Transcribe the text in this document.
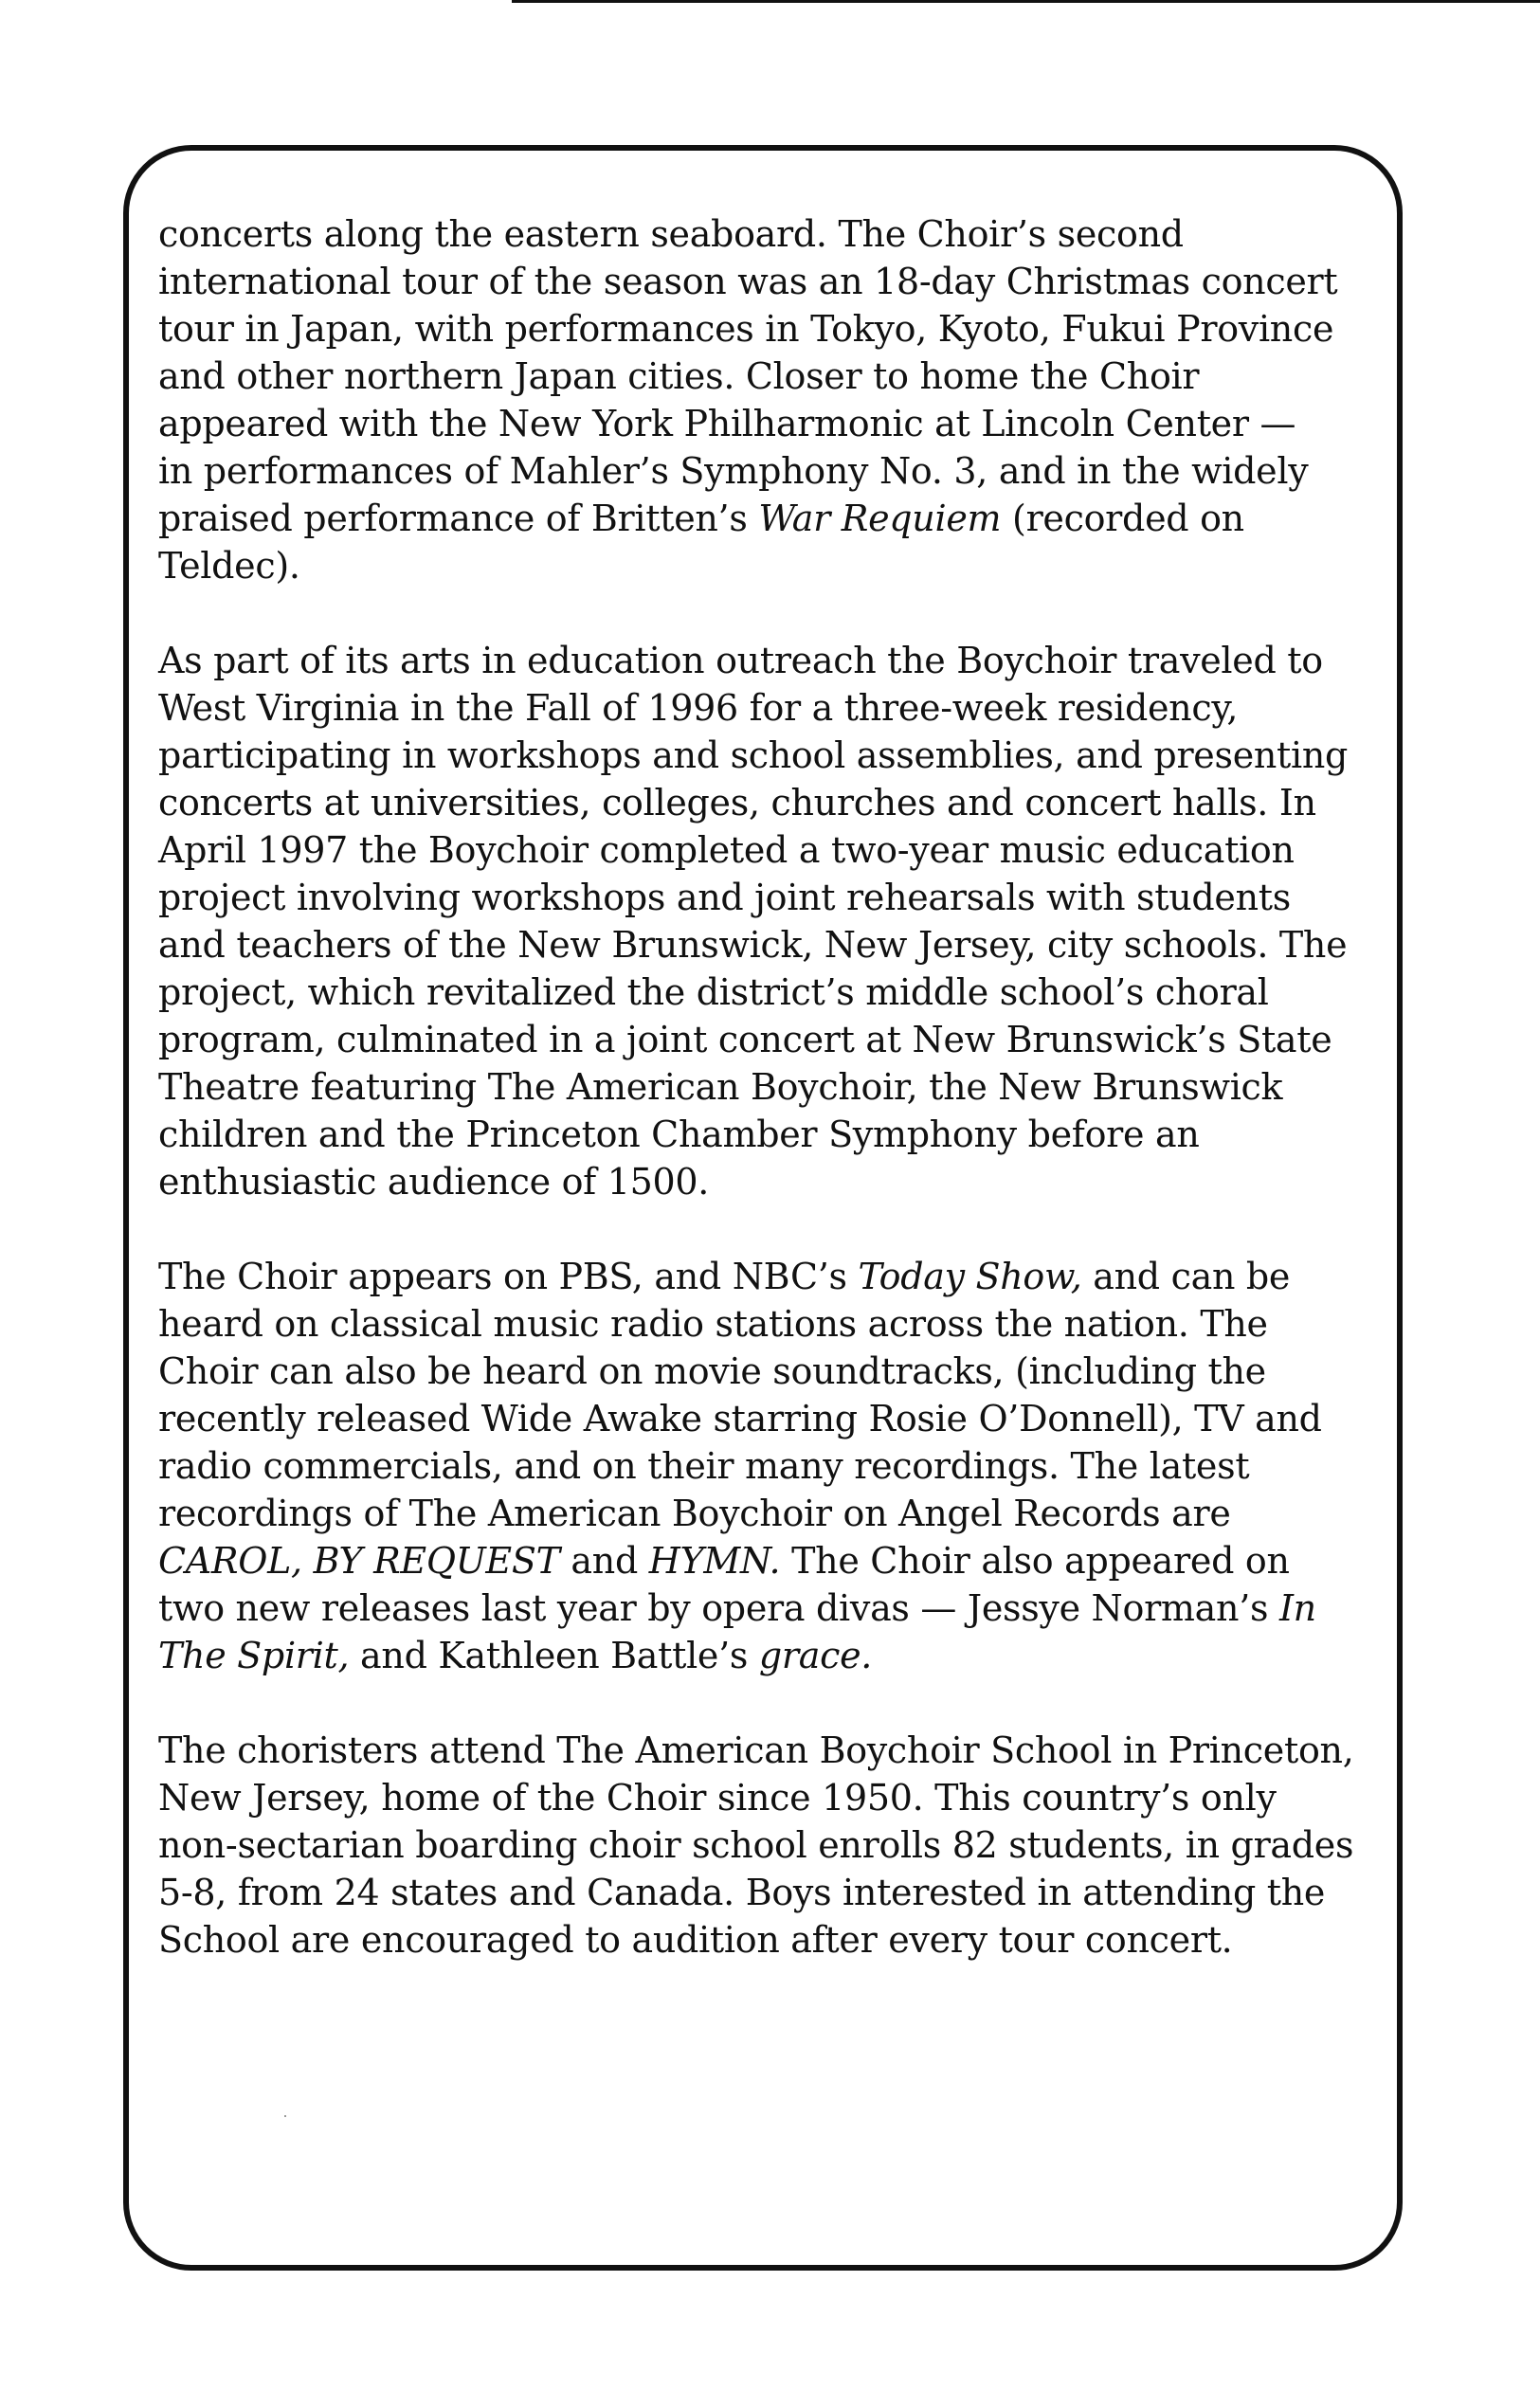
concerts along the eastern seaboard. The Choir’s second
international tour of the season was an 18-day Christmas concert
tour in Japan, with performances in Tokyo, Kyoto, Fukui Province
and other northern Japan cities. Closer to home the Choir
appeared with the New York Philharmonic at Lincoln Center —
in performances of Mahler’s Symphony No. 3, and in the widely
praised performance of Britten’s War Requiem (recorded on
Teldec).

As part of its arts in education outreach the Boychoir traveled to
West Virginia in the Fall of 1996 for a three-week residency,
participating in workshops and school assemblies, and presenting
concerts at universities, colleges, churches and concert halls. In
April 1997 the Boychoir completed a two-year music education
project involving workshops and joint rehearsals with students
and teachers of the New Brunswick, New Jersey, city schools. The
project, which revitalized the district’s middle school’s choral
program, culminated in a joint concert at New Brunswick’s State
Theatre featuring The American Boychoir, the New Brunswick
children and the Princeton Chamber Symphony before an
enthusiastic audience of 1500.

The Choir appears on PBS, and NBC’s Today Show, and can be
heard on classical music radio stations across the nation. The
Choir can also be heard on movie soundtracks, (including the
recently released Wide Awake starring Rosie O’Donnell), TV and
radio commercials, and on their many recordings. The latest
recordings of The American Boychoir on Angel Records are
CAROL, BY REQUEST and HYMN. The Choir also appeared on
two new releases last year by opera divas — Jessye Norman’s In
The Spirit, and Kathleen Battle’s grace.

The choristers attend The American Boychoir School in Princeton,
New Jersey, home of the Choir since 1950. This country’s only
non-sectarian boarding choir school enrolls 82 students, in grades
5-8, from 24 states and Canada. Boys interested in attending the
School are encouraged to audition after every tour concert.
